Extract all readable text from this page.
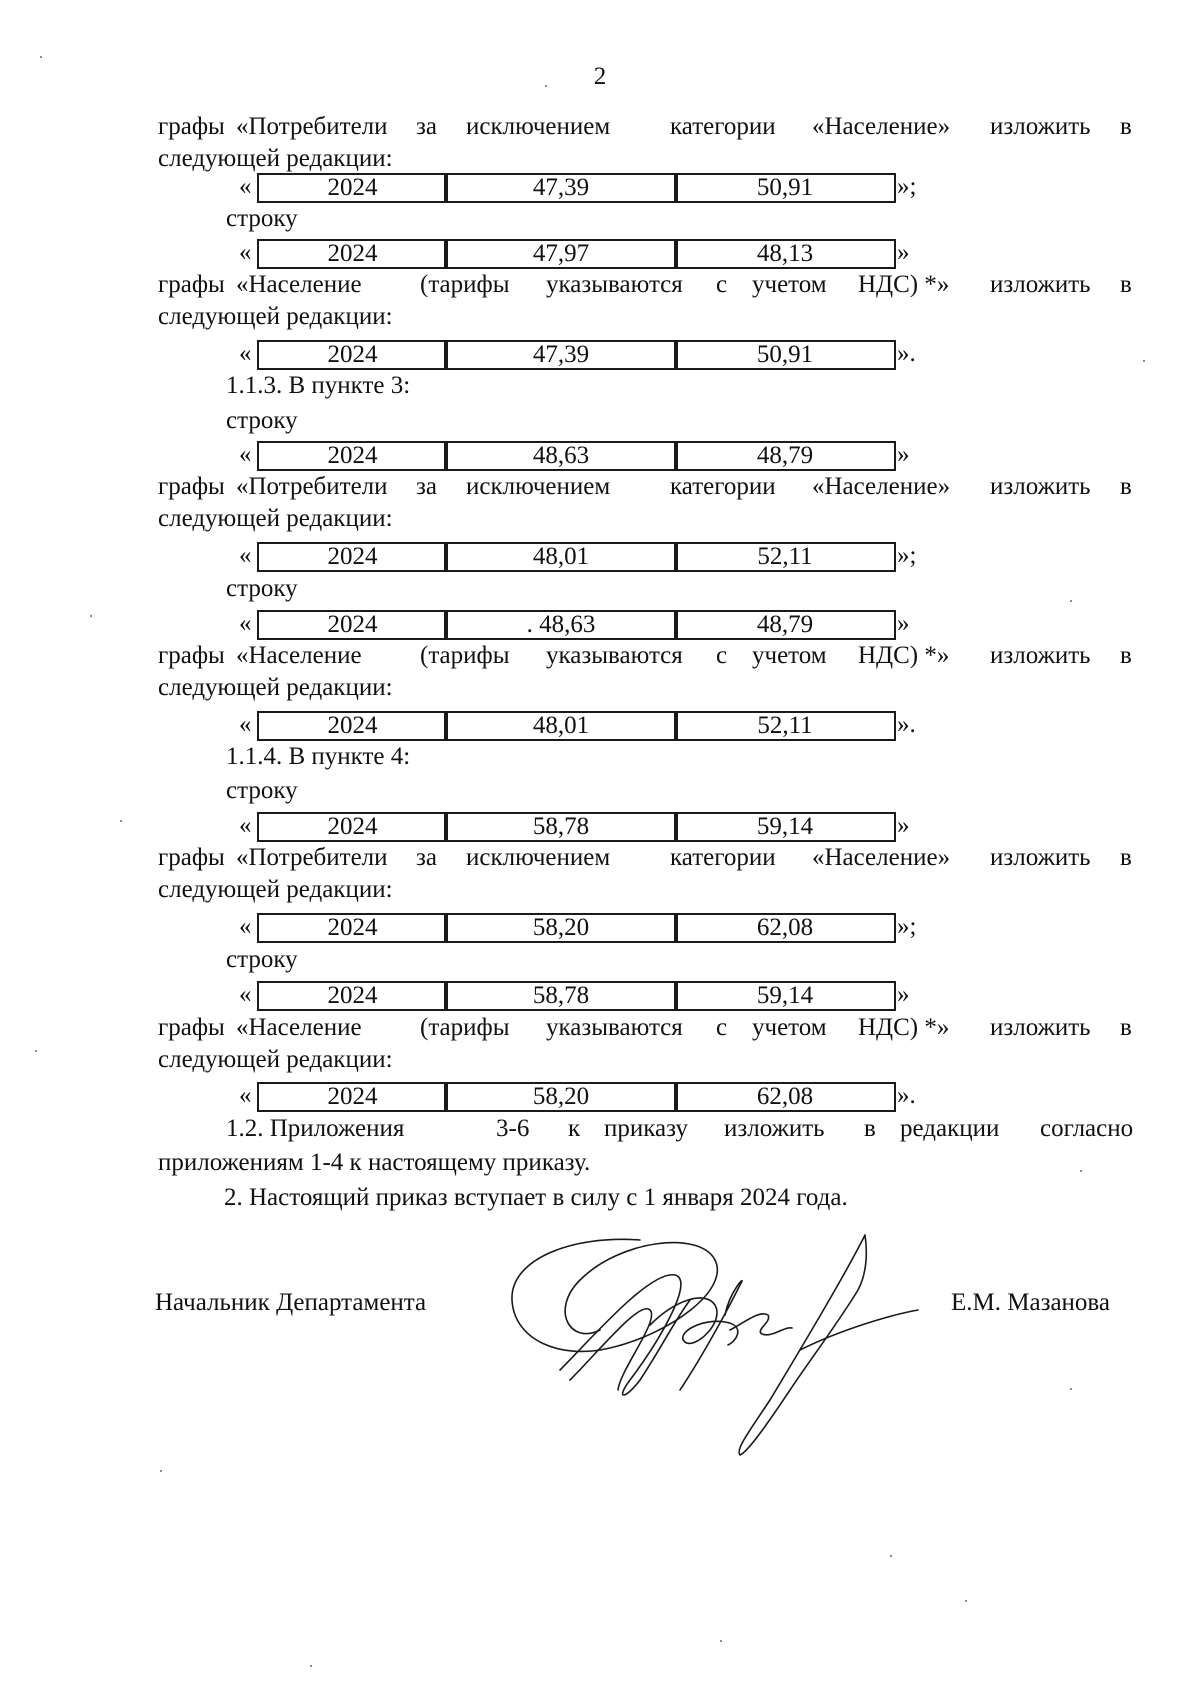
2
графы «Потребители за исключением категории «Население» изложить в
следующей редакции:
«	2024	47,39	50,91	»;
строку
«	2024	47,97	48,13	»
графы «Население (тарифы указываются с учетом НДС) *» изложить в
следующей редакции:
«	2024	47,39	50,91	».
1.1.3. В пункте 3:
строку
«	2024	48,63	48,79	»
графы «Потребители за исключением категории «Население» изложить в
следующей редакции:
«	2024	48,01	52,11	»;
строку
«	2024	. 48,63	48,79	»
графы «Население (тарифы указываются с учетом НДС) *» изложить в
следующей редакции:
«	2024	48,01	52,11	».
1.1.4. В пункте 4:
строку
«	2024	58,78	59,14	»
графы «Потребители за исключением категории «Население» изложить в
следующей редакции:
«	2024	58,20	62,08	»;
строку
«	2024	58,78	59,14	»
графы «Население (тарифы указываются с учетом НДС) *» изложить в
следующей редакции:
«	2024	58,20	62,08	».
1.2. Приложения	3-6 к приказу изложить в редакции согласно
приложениям 1-4 к настоящему приказу.
2. Настоящий приказ вступает в силу с 1 января 2024 года.
Начальник Департамента	Е.М. Мазанова
